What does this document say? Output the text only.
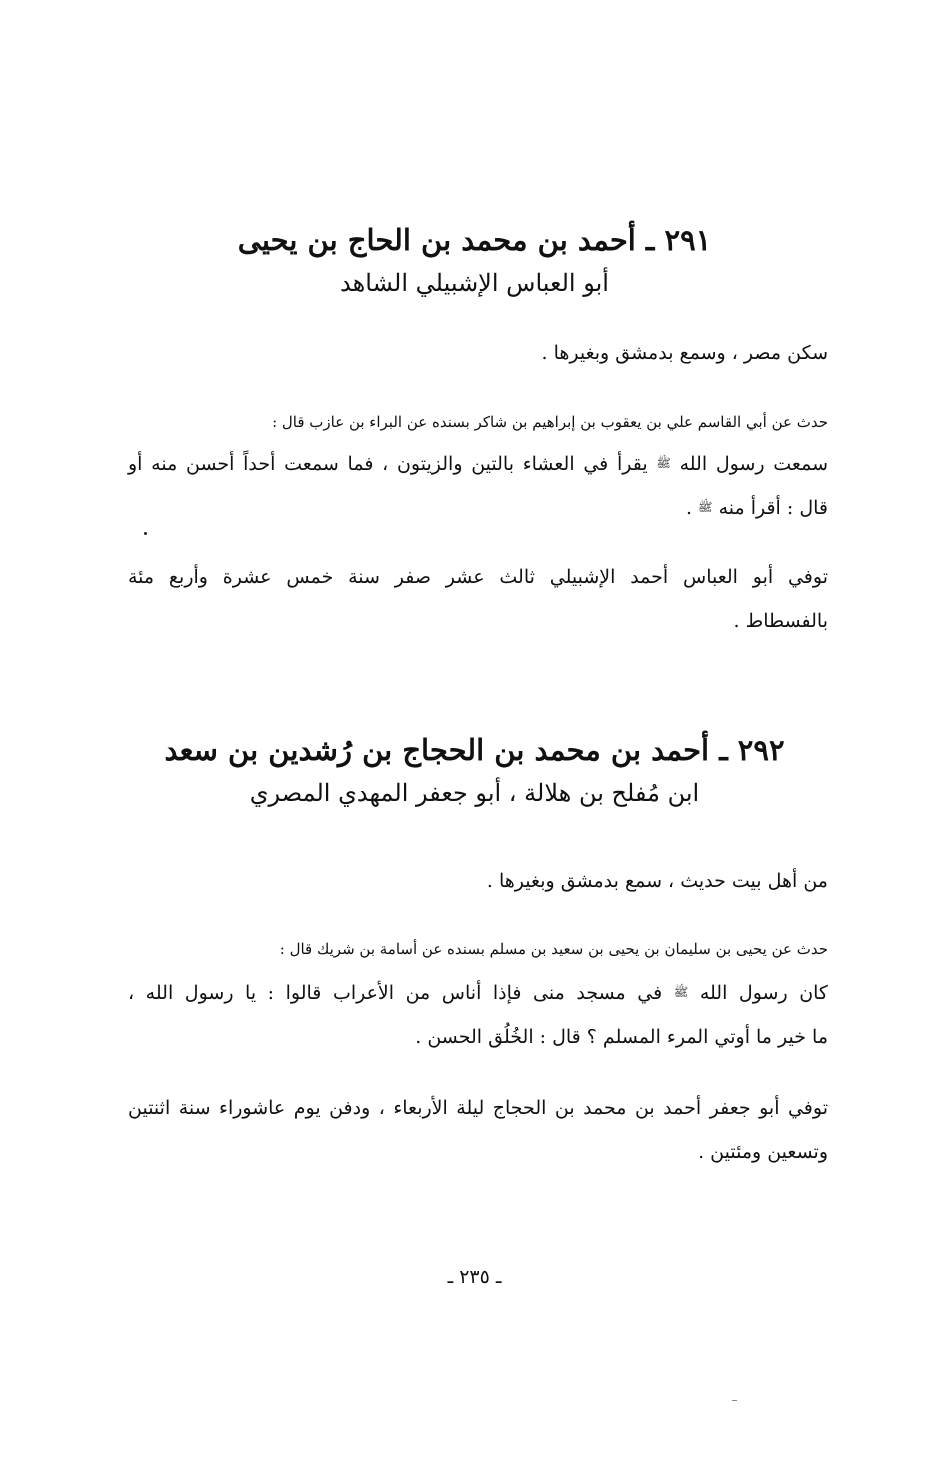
٢٩١ ـ أحمد بن محمد بن الحاج بن يحيى
أبو العباس الإشبيلي الشاهد
سكن مصر ، وسمع بدمشق وبغيرها .
حدث عن أبي القاسم علي بن يعقوب بن إبراهيم بن شاكر بسنده عن البراء بن عازب قال :
سمعت رسول الله ﷺ يقرأ في العشاء بالتين والزيتون ، فما سمعت أحداً أحسن منه أو
قال : أقرأ منه ﷺ .
توفي أبو العباس أحمد الإشبيلي ثالث عشر صفر سنة خمس عشرة وأربع مئة
بالفسطاط .
٢٩٢ ـ أحمد بن محمد بن الحجاج بن رُشدين بن سعد
ابن مُفلح بن هلالة ، أبو جعفر المهدي المصري
من أهل بيت حديث ، سمع بدمشق وبغيرها .
حدث عن يحيى بن سليمان بن يحيى بن سعيد بن مسلم بسنده عن أسامة بن شريك قال :
كان رسول الله ﷺ في مسجد منى فإذا أناس من الأعراب قالوا : يا رسول الله ،
ما خير ما أوتي المرء المسلم ؟ قال : الخُلُق الحسن .
توفي أبو جعفر أحمد بن محمد بن الحجاج ليلة الأربعاء ، ودفن يوم عاشوراء سنة اثنتين
وتسعين ومئتين .
ـ ٢٣٥ ـ
